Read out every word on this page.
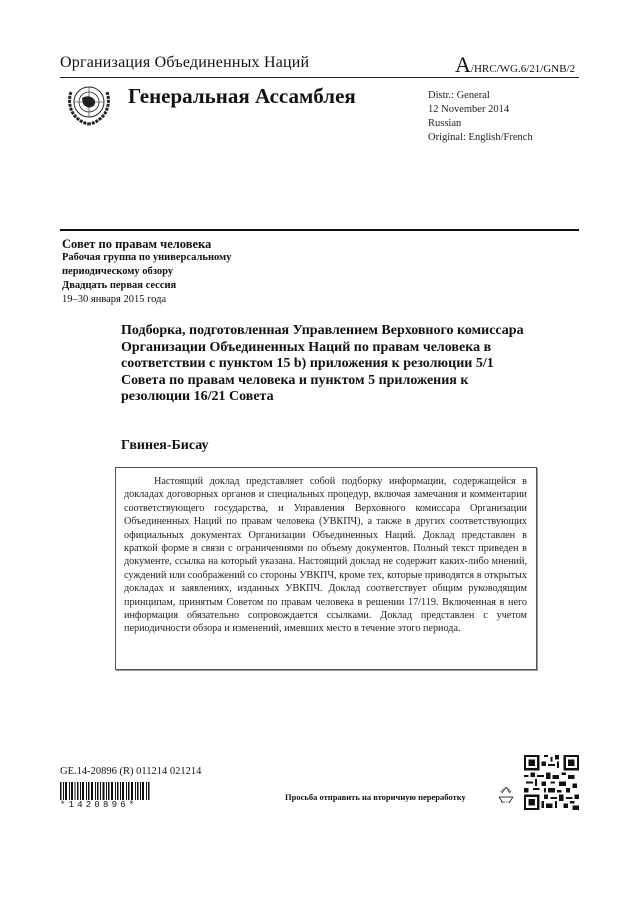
Организация Объединенных Наций	A/HRC/WG.6/21/GNB/2
Генеральная Ассамблея	Distr.: General
12 November 2014
Russian
Original: English/French
Совет по правам человека
Рабочая группа по универсальному
периодическому обзору
Двадцать первая сессия
19–30 января 2015 года
Подборка, подготовленная Управлением Верховного комиссара Организации Объединенных Наций по правам человека в соответствии с пунктом 15 b) приложения к резолюции 5/1 Совета по правам человека и пунктом 5 приложения к резолюции 16/21 Совета
Гвинея-Бисау
Настоящий доклад представляет собой подборку информации, содержащейся в докладах договорных органов и специальных процедур, включая замечания и комментарии соответствующего государства, и Управления Верховного комиссара Организации Объединенных Наций по правам человека (УВКПЧ), а также в других соответствующих официальных документах Организации Объединенных Наций. Доклад представлен в краткой форме в связи с ограничениями по объему документов. Полный текст приведен в документе, ссылка на который указана. Настоящий доклад не содержит каких-либо мнений, суждений или соображений со стороны УВКПЧ, кроме тех, которые приводятся в открытых докладах и заявлениях, изданных УВКПЧ. Доклад соответствует общим руководящим принципам, принятым Советом по правам человека в решении 17/119. Включенная в него информация обязательно сопровождается ссылками. Доклад представлен с учетом периодичности обзора и изменений, имевших место в течение этого периода.
GE.14-20896 (R) 011214 021214
*1420896*
Просьба отправить на вторичную переработку
